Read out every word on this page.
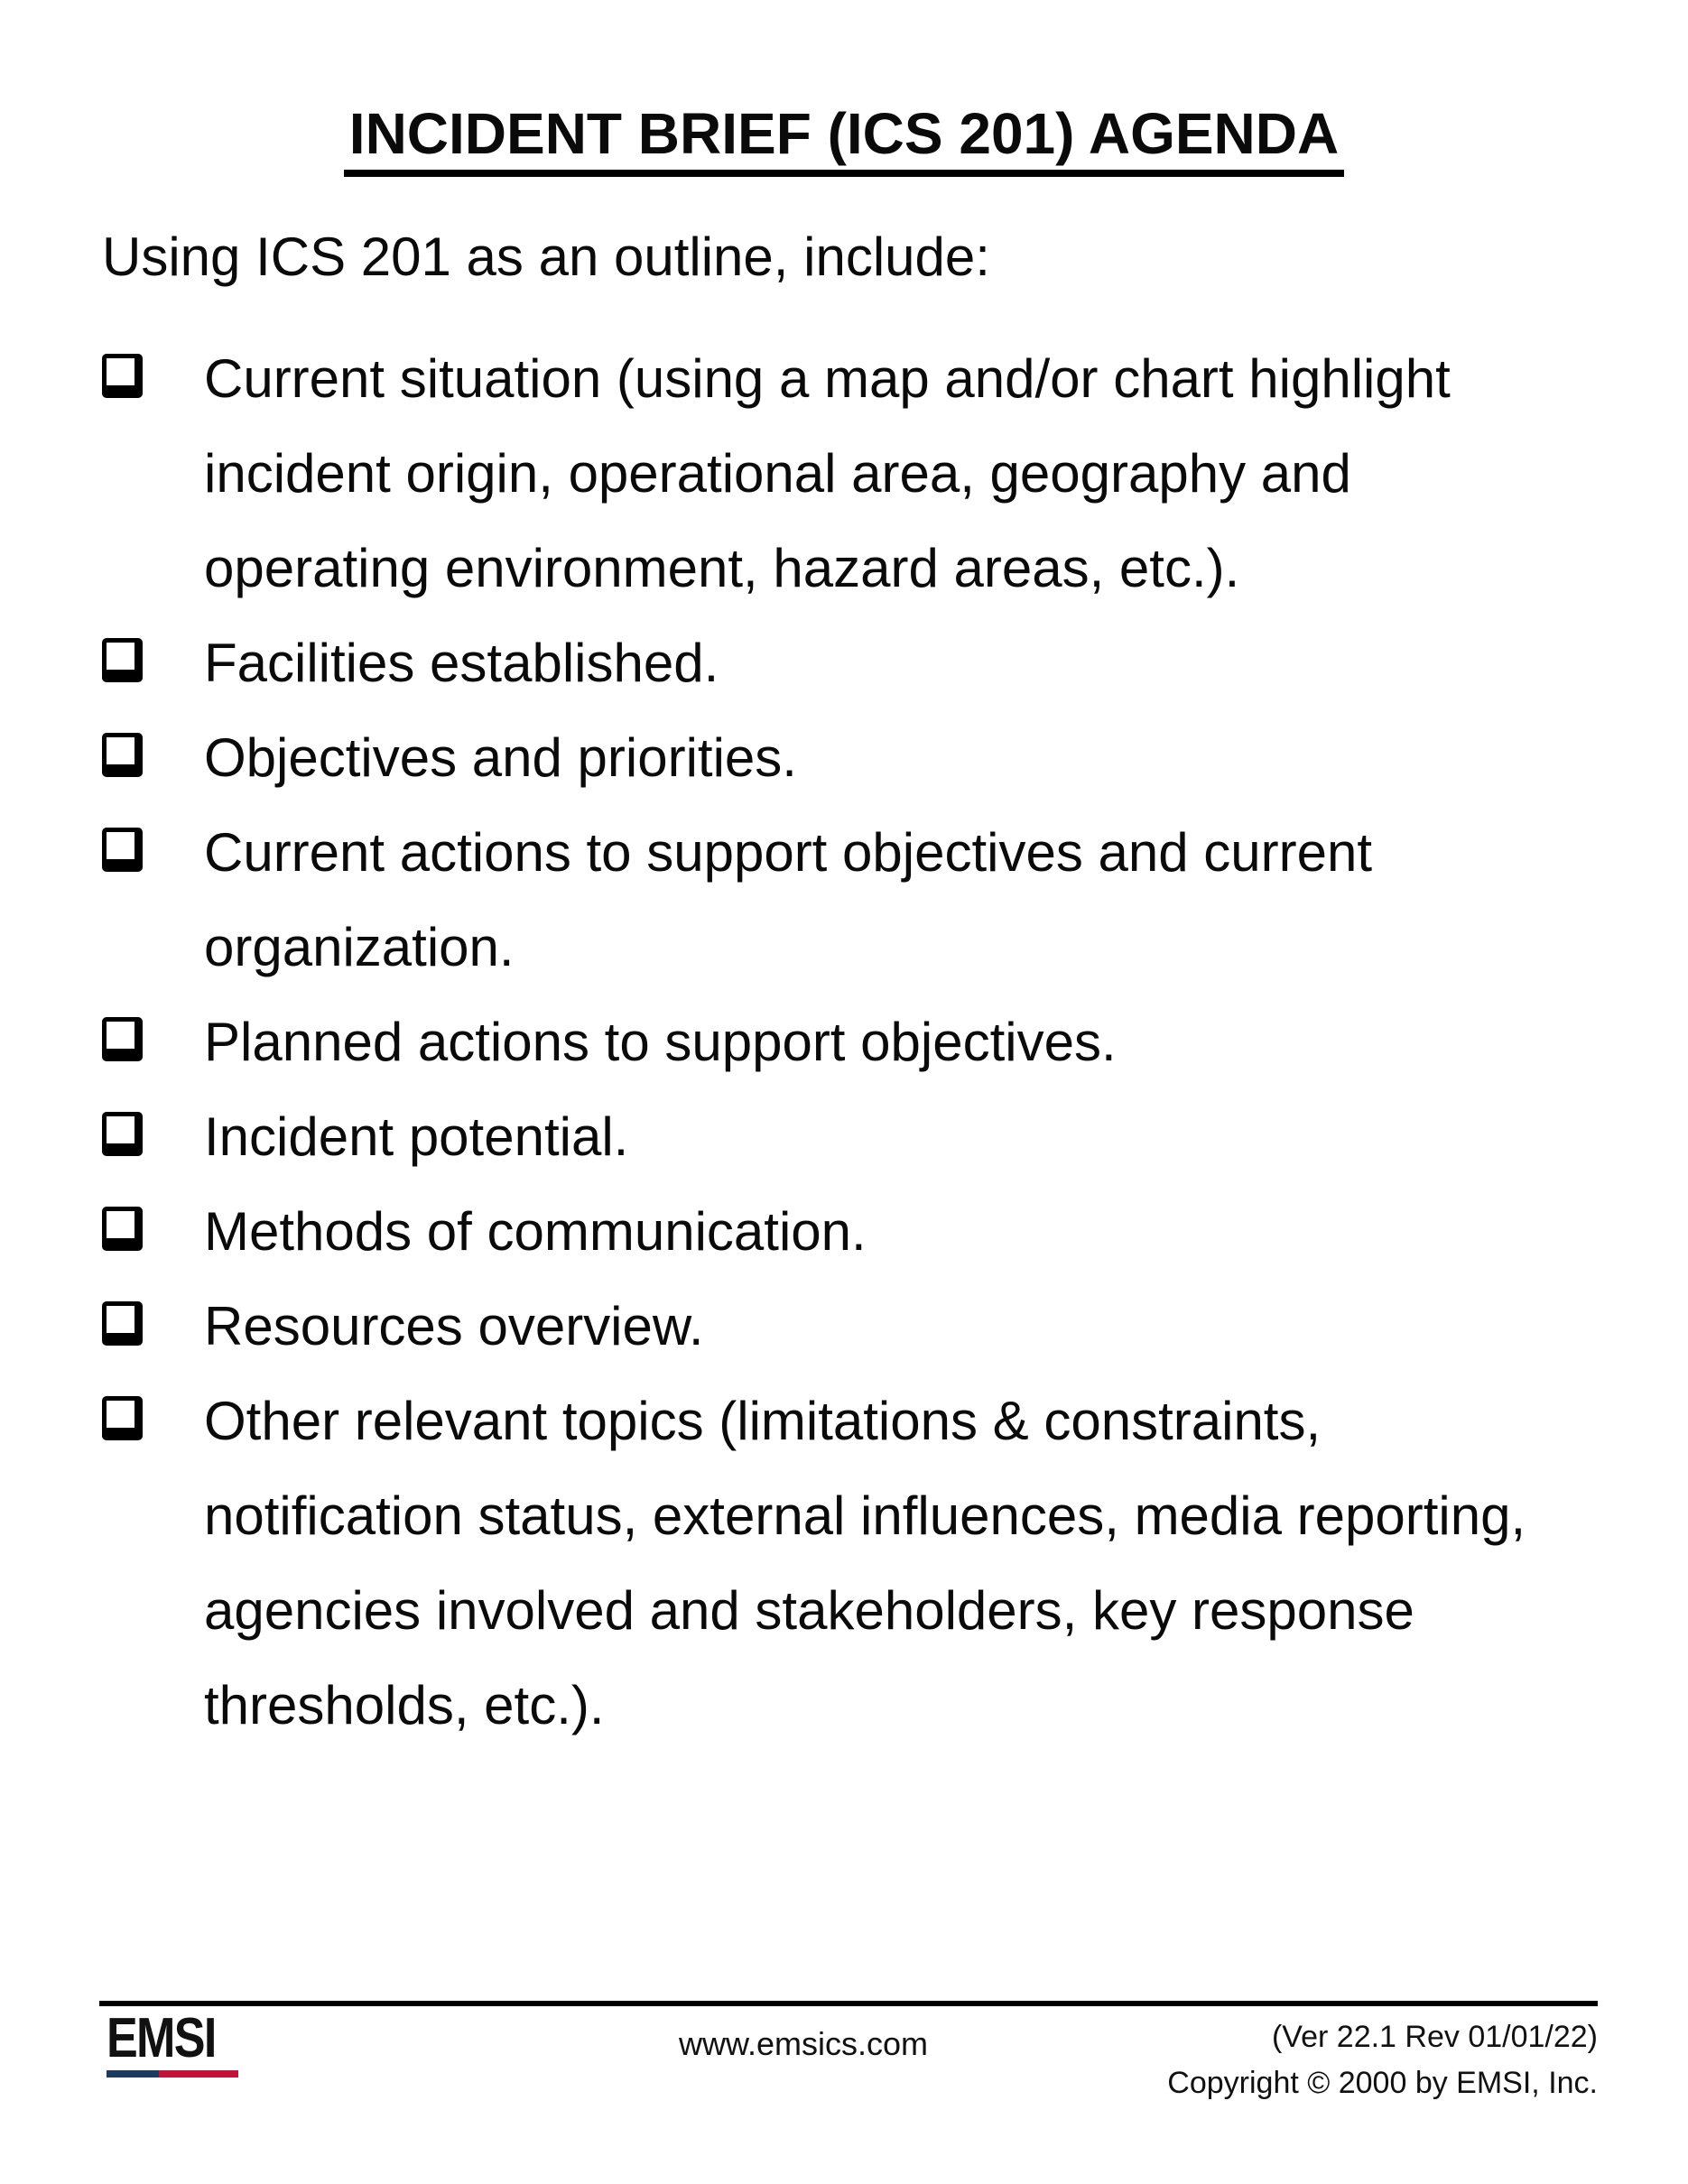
INCIDENT BRIEF (ICS 201) AGENDA
Using ICS 201 as an outline, include:
Current situation (using a map and/or chart highlight incident origin, operational area, geography and operating environment, hazard areas, etc.).
Facilities established.
Objectives and priorities.
Current actions to support objectives and current organization.
Planned actions to support objectives.
Incident potential.
Methods of communication.
Resources overview.
Other relevant topics (limitations & constraints, notification status, external influences, media reporting, agencies involved and stakeholders, key response thresholds, etc.).
EMSI	www.emsics.com	(Ver 22.1 Rev 01/01/22)
Copyright © 2000 by EMSI, Inc.
